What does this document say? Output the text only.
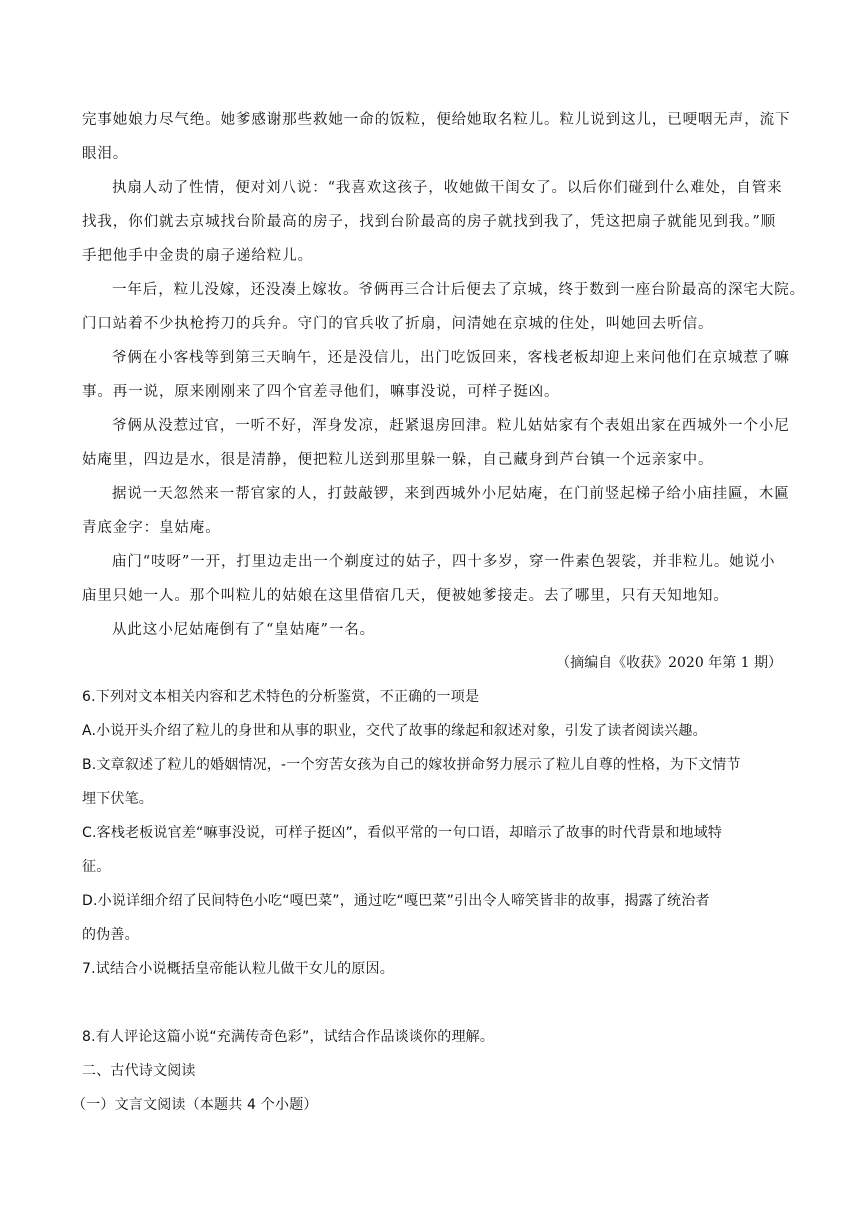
完事她娘力尽气绝。她爹感谢那些救她一命的饭粒，便给她取名粒儿。粒儿说到这儿，已哽咽无声，流下
眼泪。
执扇人动了性情，便对刘八说：“我喜欢这孩子，收她做干闺女了。以后你们碰到什么难处，自管来
找我，你们就去京城找台阶最高的房子，找到台阶最高的房子就找到我了，凭这把扇子就能见到我。”顺
手把他手中金贵的扇子递给粒儿。
一年后，粒儿没嫁，还没凑上嫁妆。爷俩再三合计后便去了京城，终于数到一座台阶最高的深宅大院。
门口站着不少执枪挎刀的兵弁。守门的官兵收了折扇，问清她在京城的住处，叫她回去听信。
爷俩在小客栈等到第三天晌午，还是没信儿，出门吃饭回来，客栈老板却迎上来问他们在京城惹了嘛
事。再一说，原来刚刚来了四个官差寻他们，嘛事没说，可样子挺凶。
爷俩从没惹过官，一听不好，浑身发凉，赶紧退房回津。粒儿姑姑家有个表姐出家在西城外一个小尼
姑庵里，四边是水，很是清静，便把粒儿送到那里躲一躲，自己藏身到芦台镇一个远亲家中。
据说一天忽然来一帮官家的人，打鼓敲锣，来到西城外小尼姑庵，在门前竖起梯子给小庙挂匾，木匾
青底金字：皇姑庵。
庙门“吱呀”一开，打里边走出一个剃度过的姑子，四十多岁，穿一件素色袈裟，并非粒儿。她说小
庙里只她一人。那个叫粒儿的姑娘在这里借宿几天，便被她爹接走。去了哪里，只有天知地知。
从此这小尼姑庵倒有了“皇姑庵”一名。
（摘编自《收获》2020 年第 1 期）
6.下列对文本相关内容和艺术特色的分析鉴赏，不正确的一项是
A.小说开头介绍了粒儿的身世和从事的职业，交代了故事的缘起和叙述对象，引发了读者阅读兴趣。
B.文章叙述了粒儿的婚姻情况，-一个穷苦女孩为自己的嫁妆拼命努力展示了粒儿自尊的性格，为下文情节
埋下伏笔。
C.客栈老板说官差“嘛事没说，可样子挺凶”，看似平常的一句口语，却暗示了故事的时代背景和地域特
征。
D.小说详细介绍了民间特色小吃“嘎巴菜”，通过吃“嘎巴菜”引出令人啼笑皆非的故事，揭露了统治者
的伪善。
7.试结合小说概括皇帝能认粒儿做干女儿的原因。
8.有人评论这篇小说“充满传奇色彩”，试结合作品谈谈你的理解。
二、古代诗文阅读
（一）文言文阅读（本题共 4 个小题）
